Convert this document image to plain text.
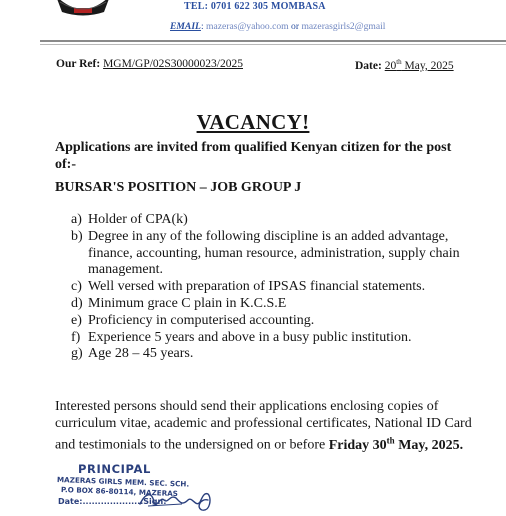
TEL: 0701 622 305 MOMBASA
EMAIL: mazeras@yahoo.com or mazerasgirls2@gmail
Our Ref: MGM/GP/02S30000023/2025	Date: 20th May, 2025
VACANCY!
Applications are invited from qualified Kenyan citizen for the post of:-
BURSAR'S POSITION – JOB GROUP J
a) Holder of CPA(k)
b) Degree in any of the following discipline is an added advantage, finance, accounting, human resource, administration, supply chain management.
c) Well versed with preparation of IPSAS financial statements.
d) Minimum grace C plain in K.C.S.E
e) Proficiency in computerised accounting.
f) Experience 5 years and above in a busy public institution.
g) Age 28 – 45 years.
Interested persons should send their applications enclosing copies of curriculum vitae, academic and professional certificates, National ID Card and testimonials to the undersigned on or before Friday 30th May, 2025.
PRINCIPAL
MAZERAS GIRLS MEM. SEC. SCH.
P.O BOX 86-80114, MAZERAS
Date:....................Sign:
